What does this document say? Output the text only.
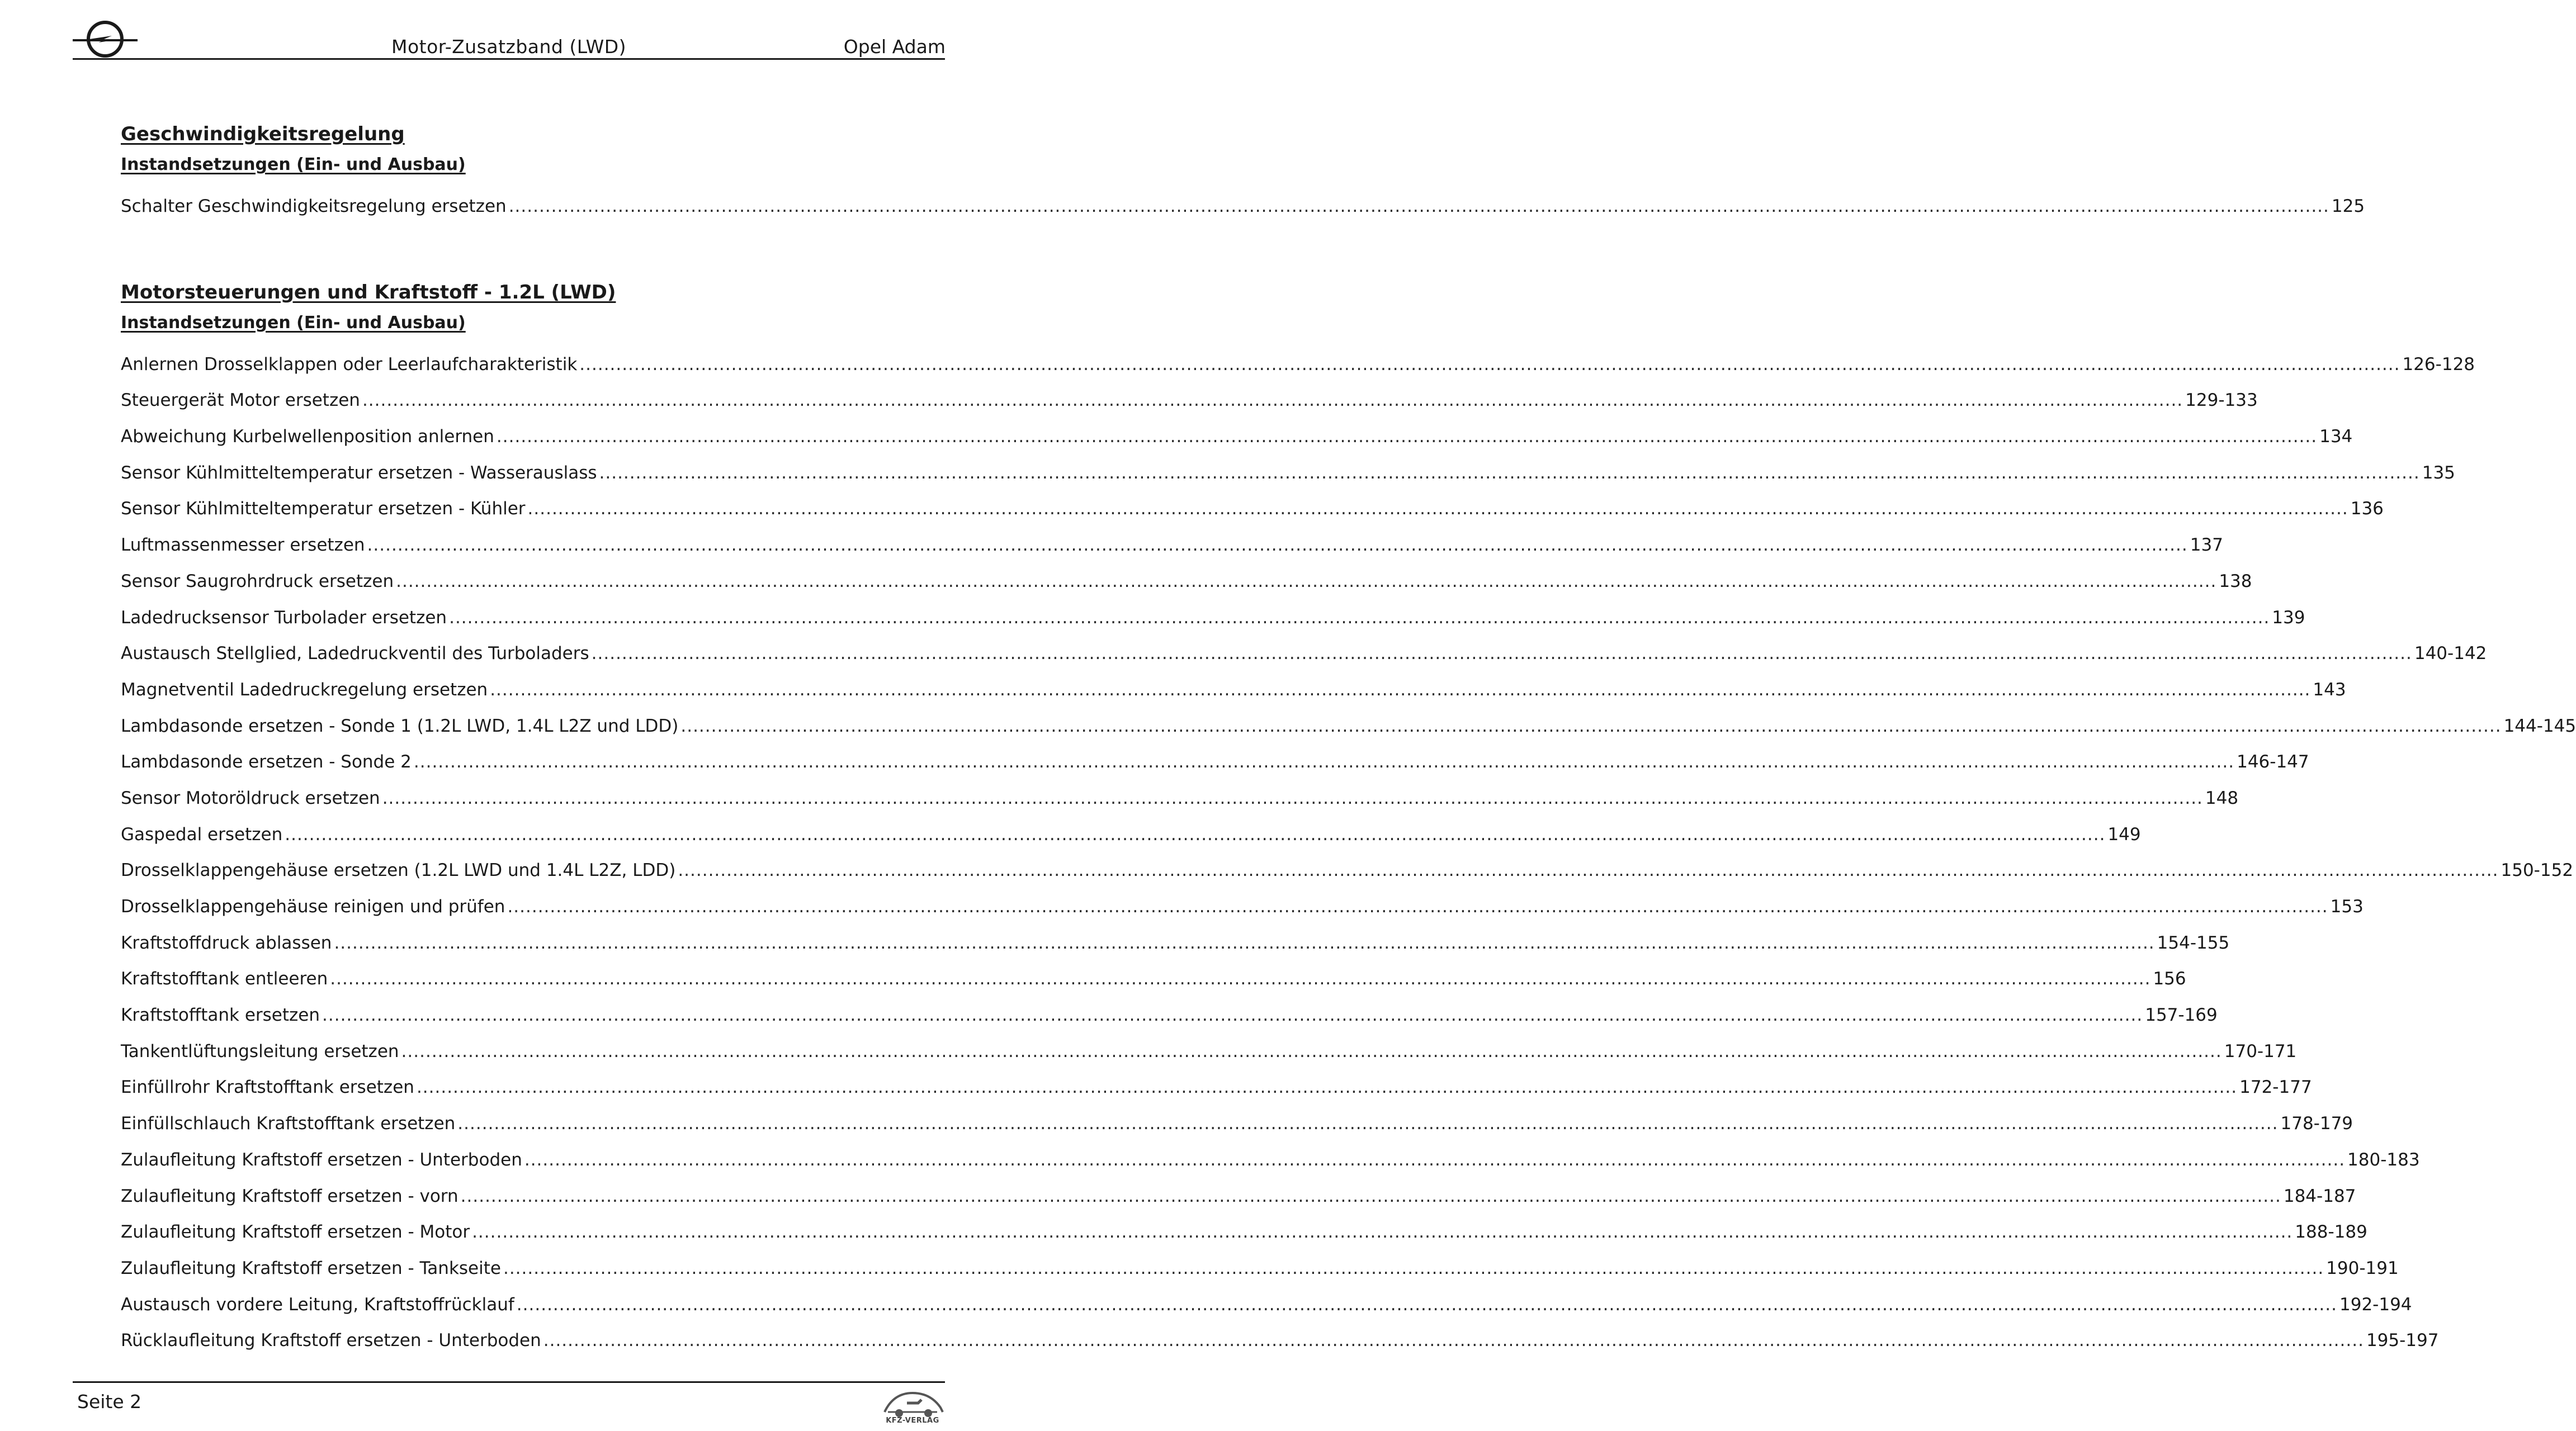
Motor-Zusatzband (LWD)	Opel Adam
Geschwindigkeitsregelung
Instandsetzungen (Ein- und Ausbau)
Schalter Geschwindigkeitsregelung ersetzen ............................................................................................................................................................................................................................................................................................................ 125
Motorsteuerungen und Kraftstoff - 1.2L (LWD)
Instandsetzungen (Ein- und Ausbau)
Anlernen Drosselklappen oder Leerlaufcharakteristik ............................................................................................................................................................................................................................................................................................................ 126-128
Steuergerät Motor ersetzen ............................................................................................................................................................................................................................................................................................................ 129-133
Abweichung Kurbelwellenposition anlernen ............................................................................................................................................................................................................................................................................................................ 134
Sensor Kühlmitteltemperatur ersetzen - Wasserauslass ............................................................................................................................................................................................................................................................................................................ 135
Sensor Kühlmitteltemperatur ersetzen - Kühler ............................................................................................................................................................................................................................................................................................................ 136
Luftmassenmesser ersetzen ............................................................................................................................................................................................................................................................................................................ 137
Sensor Saugrohrdruck ersetzen ............................................................................................................................................................................................................................................................................................................ 138
Ladedrucksensor Turbolader ersetzen ............................................................................................................................................................................................................................................................................................................ 139
Austausch Stellglied, Ladedruckventil des Turboladers ............................................................................................................................................................................................................................................................................................................ 140-142
Magnetventil Ladedruckregelung ersetzen ............................................................................................................................................................................................................................................................................................................ 143
Lambdasonde ersetzen - Sonde 1 (1.2L LWD, 1.4L L2Z und LDD) ............................................................................................................................................................................................................................................................................................................ 144-145
Lambdasonde ersetzen - Sonde 2 ............................................................................................................................................................................................................................................................................................................ 146-147
Sensor Motoröldruck ersetzen ............................................................................................................................................................................................................................................................................................................ 148
Gaspedal ersetzen ............................................................................................................................................................................................................................................................................................................ 149
Drosselklappengehäuse ersetzen (1.2L LWD und 1.4L L2Z, LDD) ............................................................................................................................................................................................................................................................................................................ 150-152
Drosselklappengehäuse reinigen und prüfen ............................................................................................................................................................................................................................................................................................................ 153
Kraftstoffdruck ablassen ............................................................................................................................................................................................................................................................................................................ 154-155
Kraftstofftank entleeren ............................................................................................................................................................................................................................................................................................................ 156
Kraftstofftank ersetzen ............................................................................................................................................................................................................................................................................................................ 157-169
Tankentlüftungsleitung ersetzen ............................................................................................................................................................................................................................................................................................................ 170-171
Einfüllrohr Kraftstofftank ersetzen ............................................................................................................................................................................................................................................................................................................ 172-177
Einfüllschlauch Kraftstofftank ersetzen ............................................................................................................................................................................................................................................................................................................ 178-179
Zulaufleitung Kraftstoff ersetzen - Unterboden ............................................................................................................................................................................................................................................................................................................ 180-183
Zulaufleitung Kraftstoff ersetzen - vorn ............................................................................................................................................................................................................................................................................................................ 184-187
Zulaufleitung Kraftstoff ersetzen - Motor ............................................................................................................................................................................................................................................................................................................ 188-189
Zulaufleitung Kraftstoff ersetzen - Tankseite ............................................................................................................................................................................................................................................................................................................ 190-191
Austausch vordere Leitung, Kraftstoffrücklauf ............................................................................................................................................................................................................................................................................................................ 192-194
Rücklaufleitung Kraftstoff ersetzen - Unterboden ............................................................................................................................................................................................................................................................................................................ 195-197
Seite 2
KFZ-VERLAG
